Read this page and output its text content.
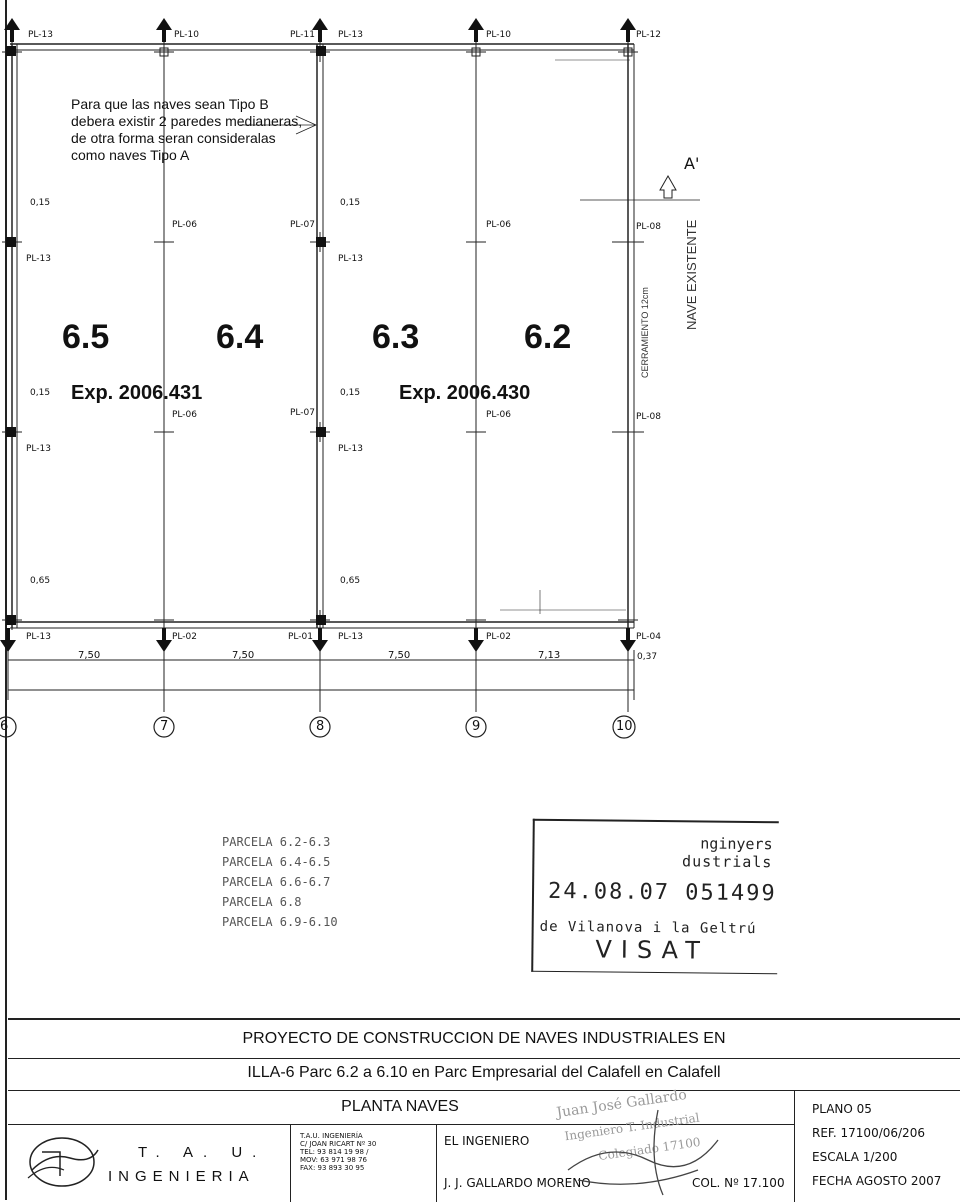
Para que las naves sean Tipo B debera existir 2 paredes medianeras, de otra forma seran consideralas como naves Tipo A	A'
NAVE EXISTENTE
CERRAMIENTO 12cm
6.5	6.4	6.3	6.2
Exp. 2006.431	Exp. 2006.430
PL-13	PL-10	PL-11	PL-13	PL-10	PL-12
PL-13
PL-06	PL-07
PL-13
PL-06	PL-08
PL-13
PL-06	PL-07
PL-13
PL-06	PL-08
PL-13	PL-02	PL-01	PL-13	PL-02	PL-04
0,15	0,15
0,15	0,15
0,65	0,65
7,50	7,50	7,50	7,13	0,37
6	7	8	9	10
PARCELA 6.2-6.3
PARCELA 6.4-6.5
PARCELA 6.6-6.7
PARCELA 6.8
PARCELA 6.9-6.10
nginyers
dustrials
24.08.07 051499
de Vilanova i la Geltrú
VISAT
PROYECTO DE CONSTRUCCION DE NAVES INDUSTRIALES EN
ILLA-6 Parc 6.2 a 6.10 en Parc Empresarial del Calafell en Calafell
PLANTA NAVES
T. A. U.
INGENIERIA
T.A.U. INGENIERÍA
C/ JOAN RICART Nº 30
TEL: 93 814 19 98 /
MOV: 63 971 98 76
FAX: 93 893 30 95
EL INGENIERO
J. J. GALLARDO MORENO	COL. Nº 17.100
Juan José Gallardo
Ingeniero T. Industrial
Colegiado 17100
PLANO 05
REF. 17100/06/206
ESCALA 1/200
FECHA AGOSTO 2007
